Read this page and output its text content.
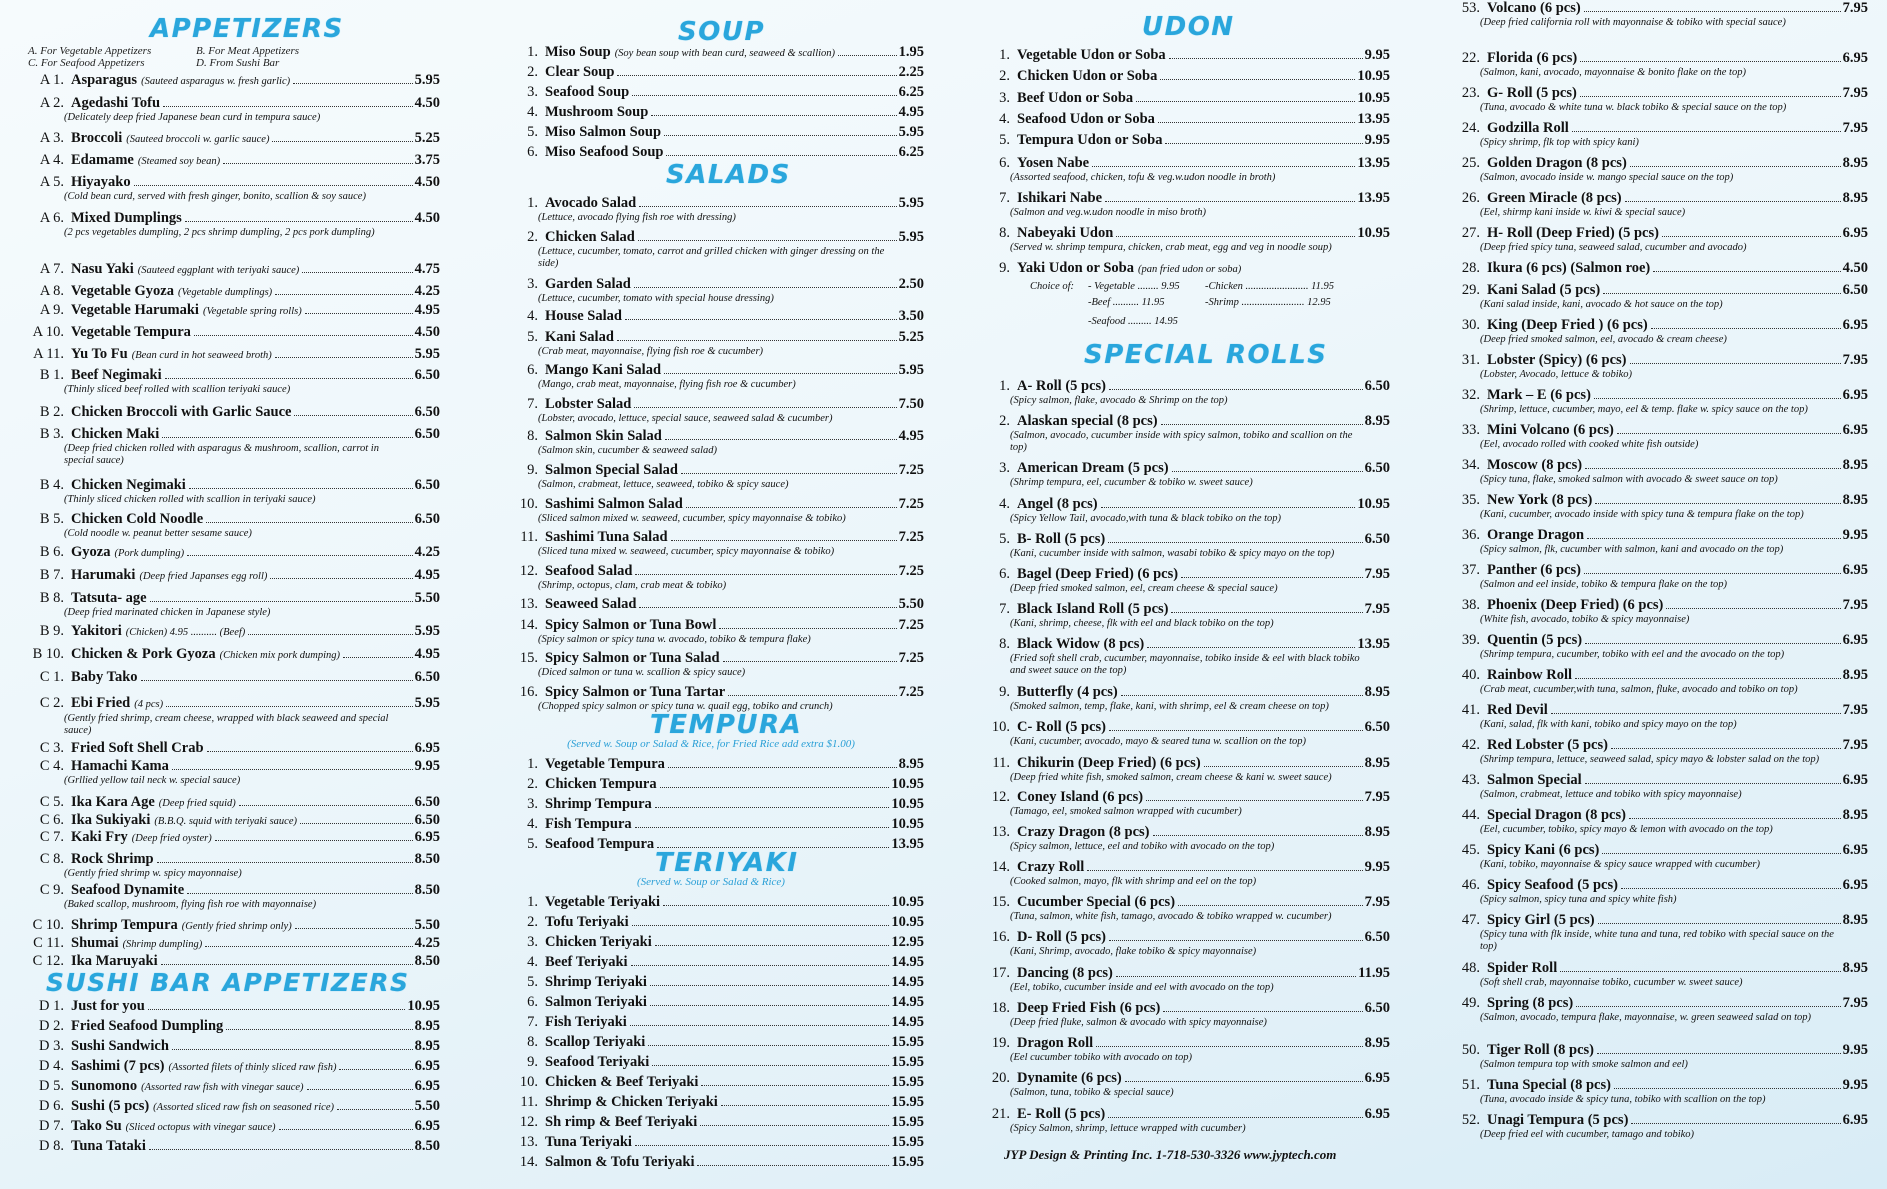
APPETIZERS
A. For Vegetable Appetizers	B. For Meat Appetizers
C. For Seafood Appetizers	D. From Sushi Bar
A 1. Asparagus (Sauteed asparagus w. fresh garlic)	5.95
A 2. Agedashi Tofu	4.50
(Delicately deep fried Japanese bean curd in tempura sauce)
A 3. Broccoli (Sauteed broccoli w. garlic sauce)	5.25
A 4. Edamame (Steamed soy bean)	3.75
A 5. Hiyayako	4.50
(Cold bean curd, served with fresh ginger, bonito, scallion & soy sauce)
A 6. Mixed Dumplings	4.50
(2 pcs vegetables dumpling, 2 pcs shrimp dumpling, 2 pcs pork dumpling)
A 7. Nasu Yaki (Sauteed eggplant with teriyaki sauce)	4.75
A 8. Vegetable Gyoza (Vegetable dumplings)	4.25
A 9. Vegetable Harumaki (Vegetable spring rolls)	4.95
A 10. Vegetable Tempura	4.50
A 11. Yu To Fu (Bean curd in hot seaweed broth)	5.95
B 1. Beef Negimaki	6.50
(Thinly sliced beef rolled with scallion teriyaki sauce)
B 2. Chicken Broccoli with Garlic Sauce	6.50
B 3. Chicken Maki	6.50
(Deep fried chicken rolled with asparagus & mushroom, scallion, carrot in special sauce)
B 4. Chicken Negimaki	6.50
(Thinly sliced chicken rolled with scallion in teriyaki sauce)
B 5. Chicken Cold Noodle	6.50
(Cold noodle w. peanut better sesame sauce)
B 6. Gyoza (Pork dumpling)	4.25
B 7. Harumaki (Deep fried Japanses egg roll)	4.95
B 8. Tatsuta- age	5.50
(Deep fried marinated chicken in Japanese style)
B 9. Yakitori (Chicken) 4.95 .......... (Beef)	5.95
B 10. Chicken & Pork Gyoza (Chicken mix pork dumping)	4.95
C 1. Baby Tako	6.50
C 2. Ebi Fried (4 pcs)	5.95
(Gently fried shrimp, cream cheese, wrapped with black seaweed and special sauce)
C 3. Fried Soft Shell Crab	6.95
C 4. Hamachi Kama	9.95
(Grllied yellow tail neck w. special sauce)
C 5. Ika Kara Age (Deep fried squid)	6.50
C 6. Ika Sukiyaki (B.B.Q. squid with teriyaki sauce)	6.50
C 7. Kaki Fry (Deep fried oyster)	6.95
C 8. Rock Shrimp	8.50
(Gently fried shrimp w. spicy mayonnaise)
C 9. Seafood Dynamite	8.50
(Baked scallop, mushroom, flying fish roe with mayonnaise)
C 10. Shrimp Tempura (Gently fried shrimp only)	5.50
C 11. Shumai (Shrimp dumpling)	4.25
C 12. Ika Maruyaki	8.50
SUSHI BAR APPETIZERS
D 1. Just for you	10.95
D 2. Fried Seafood Dumpling	8.95
D 3. Sushi Sandwich	8.95
D 4. Sashimi (7 pcs) (Assorted filets of thinly sliced raw fish)	6.95
D 5. Sunomono (Assorted raw fish with vinegar sauce)	6.95
D 6. Sushi (5 pcs) (Assorted sliced raw fish on seasoned rice)	5.50
D 7. Tako Su (Sliced octopus with vinegar sauce)	6.95
D 8. Tuna Tataki	8.50
SOUP
1. Miso Soup (Soy bean soup with bean curd, seaweed & scallion)	1.95
2. Clear Soup	2.25
3. Seafood Soup	6.25
4. Mushroom Soup	4.95
5. Miso Salmon Soup	5.95
6. Miso Seafood Soup	6.25
SALADS
1. Avocado Salad	5.95
(Lettuce, avocado flying fish roe with dressing)
2. Chicken Salad	5.95
(Lettuce, cucumber, tomato, carrot and grilled chicken with ginger dressing on the side)
3. Garden Salad	2.50
(Lettuce, cucumber, tomato with special house dressing)
4. House Salad	3.50
5. Kani Salad	5.25
(Crab meat, mayonnaise, flying fish roe & cucumber)
6. Mango Kani Salad	5.95
(Mango, crab meat, mayonnaise, flying fish roe & cucumber)
7. Lobster Salad	7.50
(Lobster, avocado, lettuce, special sauce, seaweed salad & cucumber)
8. Salmon Skin Salad	4.95
(Salmon skin, cucumber & seaweed salad)
9. Salmon Special Salad	7.25
(Salmon, crabmeat, lettuce, seaweed, tobiko & spicy sauce)
10. Sashimi Salmon Salad	7.25
(Sliced salmon mixed w. seaweed, cucumber, spicy mayonnaise & tobiko)
11. Sashimi Tuna Salad	7.25
(Sliced tuna mixed w. seaweed, cucumber, spicy mayonnaise & tobiko)
12. Seafood Salad	7.25
(Shrimp, octopus, clam, crab meat & tobiko)
13. Seaweed Salad	5.50
14. Spicy Salmon or Tuna Bowl	7.25
(Spicy salmon or spicy tuna w. avocado, tobiko & tempura flake)
15. Spicy Salmon or Tuna Salad	7.25
(Diced salmon or tuna w. scallion & spicy sauce)
16. Spicy Salmon or Tuna Tartar	7.25
(Chopped spicy salmon or spicy tuna w. quail egg, tobiko and crunch)
TEMPURA
(Served w. Soup or Salad & Rice, for Fried Rice add extra $1.00)
1. Vegetable Tempura	8.95
2. Chicken Tempura	10.95
3. Shrimp Tempura	10.95
4. Fish Tempura	10.95
5. Seafood Tempura	13.95
TERIYAKI
(Served w. Soup or Salad & Rice)
1. Vegetable Teriyaki	10.95
2. Tofu Teriyaki	10.95
3. Chicken Teriyaki	12.95
4. Beef Teriyaki	14.95
5. Shrimp Teriyaki	14.95
6. Salmon Teriyaki	14.95
7. Fish Teriyaki	14.95
8. Scallop Teriyaki	15.95
9. Seafood Teriyaki	15.95
10. Chicken & Beef Teriyaki	15.95
11. Shrimp & Chicken Teriyaki	15.95
12. Sh rimp & Beef Teriyaki	15.95
13. Tuna Teriyaki	15.95
14. Salmon & Tofu Teriyaki	15.95
UDON
1. Vegetable Udon or Soba	9.95
2. Chicken Udon or Soba	10.95
3. Beef Udon or Soba	10.95
4. Seafood Udon or Soba	13.95
5. Tempura Udon or Soba	9.95
6. Yosen Nabe	13.95
(Assorted seafood, chicken, tofu & veg.w.udon noodle in broth)
7. Ishikari Nabe	13.95
(Salmon and veg.w.udon noodle in miso broth)
8. Nabeyaki Udon	10.95
(Served w. shrimp tempura, chicken, crab meat, egg and veg in noodle soup)
9. Yaki Udon or Soba (pan fried udon or soba)
Choice of: - Vegetable ........ 9.95
-Beef .......... 11.95
-Seafood ......... 14.95
-Chicken ........................ 11.95
-Shrimp ........................ 12.95
SPECIAL ROLLS
1. A- Roll (5 pcs)	6.50
(Spicy salmon, flake, avocado & Shrimp on the top)
2. Alaskan special (8 pcs)	8.95
(Salmon, avocado, cucumber inside with spicy salmon, tobiko and scallion on the top)
3. American Dream (5 pcs)	6.50
(Shrimp tempura, eel, cucumber & tobiko w. sweet sauce)
4. Angel (8 pcs)	10.95
(Spicy Yellow Tail, avocado,with tuna & black tobiko on the top)
5. B- Roll (5 pcs)	6.50
(Kani, cucumber inside with salmon, wasabi tobiko & spicy mayo on the top)
6. Bagel (Deep Fried) (6 pcs)	7.95
(Deep fried smoked salmon, eel, cream cheese & special sauce)
7. Black Island Roll (5 pcs)	7.95
(Kani, shrimp, cheese, flk with eel and black tobiko on the top)
8. Black Widow (8 pcs)	13.95
(Fried soft shell crab, cucumber, mayonnaise, tobiko inside & eel with black tobiko and sweet sauce on the top)
9. Butterfly (4 pcs)	8.95
(Smoked salmon, temp, flake, kani, with shrimp, eel & cream cheese on top)
10. C- Roll (5 pcs)	6.50
(Kani, cucumber, avocado, mayo & seared tuna w. scallion on the top)
11. Chikurin (Deep Fried) (6 pcs)	8.95
(Deep fried white fish, smoked salmon, cream cheese & kani w. sweet sauce)
12. Coney Island (6 pcs)	7.95
(Tamago, eel, smoked salmon wrapped with cucumber)
13. Crazy Dragon (8 pcs)	8.95
(Spicy salmon, lettuce, eel and tobiko with avocado on the top)
14. Crazy Roll	9.95
(Cooked salmon, mayo, flk with shrimp and eel on the top)
15. Cucumber Special (6 pcs)	7.95
(Tuna, salmon, white fish, tamago, avocado & tobiko wrapped w. cucumber)
16. D- Roll (5 pcs)	6.50
(Kani, Shrimp, avocado, flake tobiko & spicy mayonnaise)
17. Dancing (8 pcs)	11.95
(Eel, tobiko, cucumber inside and eel with avocado on the top)
18. Deep Fried Fish (6 pcs)	6.50
(Deep fried fluke, salmon & avocado with spicy mayonnaise)
19. Dragon Roll	8.95
(Eel cucumber tobiko with avocado on top)
20. Dynamite (6 pcs)	6.95
(Salmon, tuna, tobiko & special sauce)
21. E- Roll (5 pcs)	6.95
(Spicy Salmon, shrimp, lettuce wrapped with cucumber)
JYP Design & Printing Inc. 1-718-530-3326 www.jyptech.com
22. Florida (6 pcs)	6.95
(Salmon, kani, avocado, mayonnaise & bonito flake on the top)
23. G- Roll (5 pcs)	7.95
(Tuna, avocado & white tuna w. black tobiko & special sauce on the top)
24. Godzilla Roll	7.95
(Spicy shrimp, flk top with spicy kani)
25. Golden Dragon (8 pcs)	8.95
(Salmon, avocado inside w. mango special sauce on the top)
26. Green Miracle (8 pcs)	8.95
(Eel, shirmp kani inside w. kiwi & special sauce)
27. H- Roll (Deep Fried) (5 pcs)	6.95
(Deep fried spicy tuna, seaweed salad, cucumber and avocado)
28. Ikura (6 pcs) (Salmon roe)	4.50
29. Kani Salad (5 pcs)	6.50
(Kani salad inside, kani, avocado & hot sauce on the top)
30. King (Deep Fried ) (6 pcs)	6.95
(Deep fried smoked salmon, eel, avocado & cream cheese)
31. Lobster (Spicy) (6 pcs)	7.95
(Lobster, Avocado, lettuce & tobiko)
32. Mark – E (6 pcs)	6.95
(Shrimp, lettuce, cucumber, mayo, eel & temp. flake w. spicy sauce on the top)
33. Mini Volcano (6 pcs)	6.95
(Eel, avocado rolled with cooked white fish outside)
34. Moscow (8 pcs)	8.95
(Spicy tuna, flake, smoked salmon with avocado & sweet sauce on top)
35. New York (8 pcs)	8.95
(Kani, cucumber, avocado inside with spicy tuna & tempura flake on the top)
36. Orange Dragon	9.95
(Spicy salmon, flk, cucumber with salmon, kani and avocado on the top)
37. Panther (6 pcs)	6.95
(Salmon and eel inside, tobiko & tempura flake on the top)
38. Phoenix (Deep Fried) (6 pcs)	7.95
(White fish, avocado, tobiko & spicy mayonnaise)
39. Quentin (5 pcs)	6.95
(Shrimp tempura, cucumber, tobiko with eel and the avocado on the top)
40. Rainbow Roll	8.95
(Crab meat, cucumber,with tuna, salmon, fluke, avocado and tobiko on top)
41. Red Devil	7.95
(Kani, salad, flk with kani, tobiko and spicy mayo on the top)
42. Red Lobster (5 pcs)	7.95
(Shrimp tempura, lettuce, seaweed salad, spicy mayo & lobster salad on the top)
43. Salmon Special	6.95
(Salmon, crabmeat, lettuce and tobiko with spicy mayonnaise)
44. Special Dragon (8 pcs)	8.95
(Eel, cucumber, tobiko, spicy mayo & lemon with avocado on the top)
45. Spicy Kani (6 pcs)	6.95
(Kani, tobiko, mayonnaise & spicy sauce wrapped with cucumber)
46. Spicy Seafood (5 pcs)	6.95
(Spicy salmon, spicy tuna and spicy white fish)
47. Spicy Girl (5 pcs)	8.95
(Spicy tuna with flk inside, white tuna and tuna, red tobiko with special sauce on the top)
48. Spider Roll	8.95
(Soft shell crab, mayonnaise tobiko, cucumber w. sweet sauce)
49. Spring (8 pcs)	7.95
(Salmon, avocado, tempura flake, mayonnaise, w. green seaweed salad on top)
50. Tiger Roll (8 pcs)	9.95
(Salmon tempura top with smoke salmon and eel)
51. Tuna Special (8 pcs)	9.95
(Tuna, avocado inside & spicy tuna, tobiko with scallion on the top)
52. Unagi Tempura (5 pcs)	6.95
(Deep fried eel with cucumber, tamago and tobiko)
53. Volcano (6 pcs)	7.95
(Deep fried california roll with mayonnaise & tobiko with special sauce)
